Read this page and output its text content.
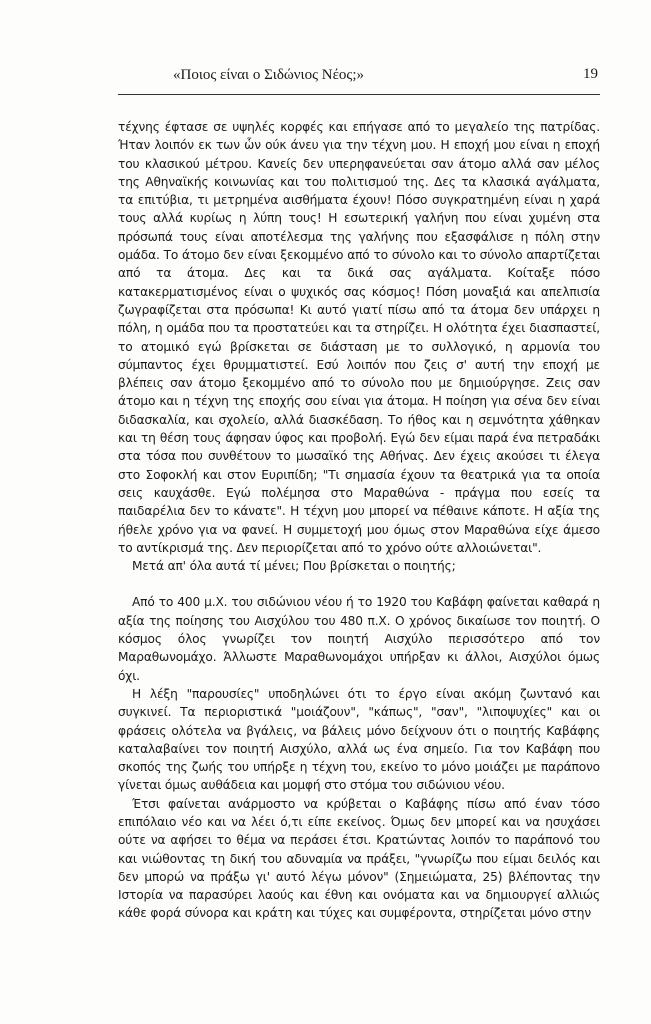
«Ποιος είναι ο Σιδώνιος Νέος;»	19

τέχνης έφτασε σε υψηλές κορφές και επήγασε από το μεγαλείο της πατρίδας. Ήταν λοιπόν εκ των ὧν ούκ άνευ για την τέχνη μου. Η εποχή μου είναι η εποχή του κλασικού μέτρου. Κανείς δεν υπερηφανεύεται σαν άτομο αλλά σαν μέλος της Αθηναϊκής κοινωνίας και του πολιτισμού της. Δες τα κλασικά αγάλματα, τα επιτύβια, τι μετρημένα αισθήματα έχουν! Πόσο συγκρατημένη είναι η χαρά τους αλλά κυρίως η λύπη τους! Η εσωτερική γαλήνη που είναι χυμένη στα πρόσωπά τους είναι αποτέλεσμα της γαλήνης που εξασφάλισε η πόλη στην ομάδα. Το άτομο δεν είναι ξεκομμένο από το σύνολο και το σύνολο απαρτίζεται από τα άτομα. Δες και τα δικά σας αγάλματα. Κοίταξε πόσο κατακερματισμένος είναι ο ψυχικός σας κόσμος! Πόση μοναξιά και απελπισία ζωγραφίζεται στα πρόσωπα! Κι αυτό γιατί πίσω από τα άτομα δεν υπάρχει η πόλη, η ομάδα που τα προστατεύει και τα στηρίζει. Η ολότητα έχει διασπαστεί, το ατομικό εγώ βρίσκεται σε διάσταση με το συλλογικό, η αρμονία του σύμπαντος έχει θρυμματιστεί. Εσύ λοιπόν που ζεις σ' αυτή την εποχή με βλέπεις σαν άτομο ξεκομμένο από το σύνολο που με δημιούργησε. Ζεις σαν άτομο και η τέχνη της εποχής σου είναι για άτομα. Η ποίηση για σένα δεν είναι διδασκαλία, και σχολείο, αλλά διασκέδαση. Το ήθος και η σεμνότητα χάθηκαν και τη θέση τους άφησαν ύφος και προβολή. Εγώ δεν είμαι παρά ένα πετραδάκι στα τόσα που συνθέτουν το μωσαϊκό της Αθήνας. Δεν έχεις ακούσει τι έλεγα στο Σοφοκλή και στον Ευριπίδη; "Τι σημασία έχουν τα θεατρικά για τα οποία σεις καυχάσθε. Εγώ πολέμησα στο Μαραθώνα - πράγμα που εσείς τα παιδαρέλια δεν το κάνατε". Η τέχνη μου μπορεί να πέθαινε κάποτε. Η αξία της ήθελε χρόνο για να φανεί. Η συμμετοχή μου όμως στον Μαραθώνα είχε άμεσο το αντίκρισμά της. Δεν περιορίζεται από το χρόνο ούτε αλλοιώνεται".

Μετά απ' όλα αυτά τί μένει; Που βρίσκεται ο ποιητής;

Από το 400 μ.Χ. του σιδώνιου νέου ή το 1920 του Καβάφη φαίνεται καθαρά η αξία της ποίησης του Αισχύλου του 480 π.Χ. Ο χρόνος δικαίωσε τον ποιητή. Ο κόσμος όλος γνωρίζει τον ποιητή Αισχύλο περισσότερο από τον Μαραθωνομάχο. Άλλωστε Μαραθωνομάχοι υπήρξαν κι άλλοι, Αισχύλοι όμως όχι.

Η λέξη "παρουσίες" υποδηλώνει ότι το έργο είναι ακόμη ζωντανό και συγκινεί. Τα περιοριστικά "μοιάζουν", "κάπως", "σαν", "λιποψυχίες" και οι φράσεις ολότελα να βγάλεις, να βάλεις μόνο δείχνουν ότι ο ποιητής Καβάφης καταλαβαίνει τον ποιητή Αισχύλο, αλλά ως ένα σημείο. Για τον Καβάφη που σκοπός της ζωής του υπήρξε η τέχνη του, εκείνο το μόνο μοιάζει με παράπονο γίνεται όμως αυθάδεια και μομφή στο στόμα του σιδώνιου νέου.

Έτσι φαίνεται ανάρμοστο να κρύβεται ο Καβάφης πίσω από έναν τόσο επιπόλαιο νέο και να λέει ό,τι είπε εκείνος. Όμως δεν μπορεί και να ησυχάσει ούτε να αφήσει το θέμα να περάσει έτσι. Κρατώντας λοιπόν το παράπονό του και νιώθοντας τη δική του αδυναμία να πράξει, "γνωρίζω που είμαι δειλός και δεν μπορώ να πράξω γι' αυτό λέγω μόνον" (Σημειώματα, 25) βλέποντας την Ιστορία να παρασύρει λαούς και έθνη και ονόματα και να δημιουργεί αλλιώς κάθε φορά σύνορα και κράτη και τύχες και συμφέροντα, στηρίζεται μόνο στην
